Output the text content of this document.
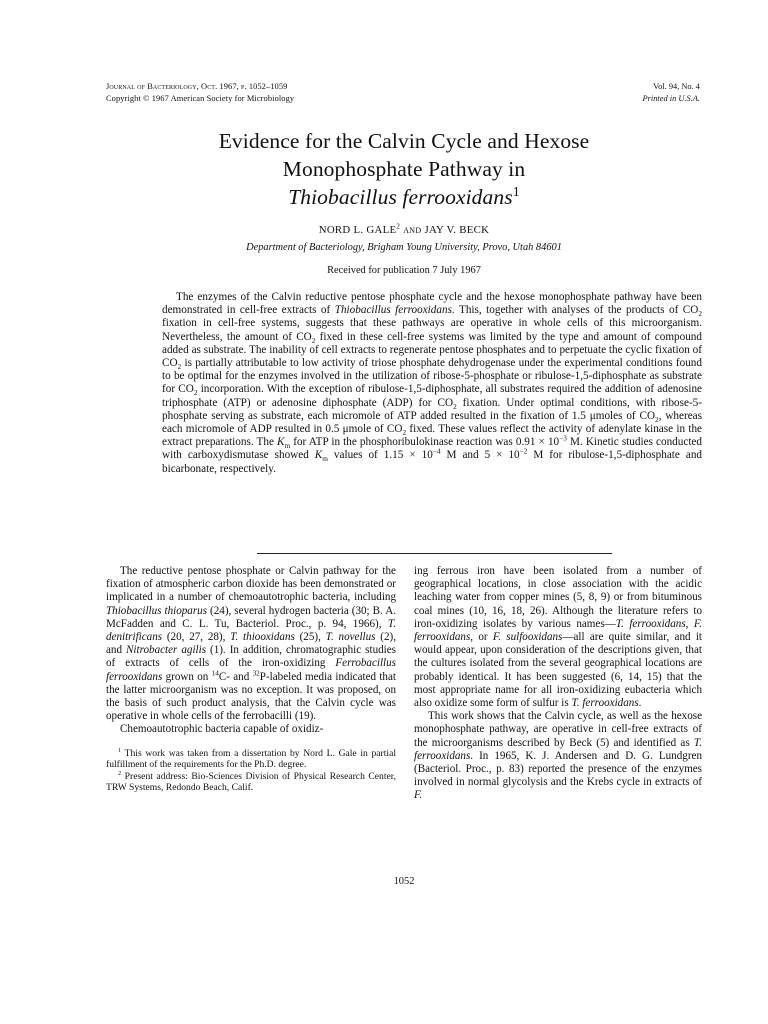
Journal of Bacteriology, Oct. 1967, p. 1052–1059
Copyright © 1967 American Society for Microbiology
Vol. 94, No. 4
Printed in U.S.A.
Evidence for the Calvin Cycle and Hexose
Monophosphate Pathway in
Thiobacillus ferrooxidans$^1$
NORD L. GALE$^2$ and JAY V. BECK
Department of Bacteriology, Brigham Young University, Provo, Utah 84601
Received for publication 7 July 1967
The enzymes of the Calvin reductive pentose phosphate cycle and the hexose monophosphate pathway have been demonstrated in cell-free extracts of Thiobacillus ferrooxidans. This, together with analyses of the products of $CO_2$ fixation in cell-free systems, suggests that these pathways are operative in whole cells of this microorganism. Nevertheless, the amount of $CO_2$ fixed in these cell-free systems was limited by the type and amount of compound added as substrate. The inability of cell extracts to regenerate pentose phosphates and to perpetuate the cyclic fixation of $CO_2$ is partially attributable to low activity of triose phosphate dehydrogenase under the experimental conditions found to be optimal for the enzymes involved in the utilization of ribose-5-phosphate or ribulose-1,5-diphosphate as substrate for $CO_2$ incorporation. With the exception of ribulose-1,5-diphosphate, all substrates required the addition of adenosine triphosphate (ATP) or adenosine diphosphate (ADP) for $CO_2$ fixation. Under optimal conditions, with ribose-5-phosphate serving as substrate, each micromole of ATP added resulted in the fixation of 1.5 μmoles of $CO_2$, whereas each micromole of ADP resulted in 0.5 μmole of $CO_2$ fixed. These values reflect the activity of adenylate kinase in the extract preparations. The $K_m$ for ATP in the phosphoribulokinase reaction was $0.91 \times 10^{-3}$ M. Kinetic studies conducted with carboxydismutase showed $K_m$ values of $1.15 \times 10^{-4}$ M and $5 \times 10^{-2}$ M for ribulose-1,5-diphosphate and bicarbonate, respectively.

The reductive pentose phosphate or Calvin pathway for the fixation of atmospheric carbon dioxide has been demonstrated or implicated in a number of chemoautotrophic bacteria, including Thiobacillus thioparus (24), several hydrogen bacteria (30; B. A. McFadden and C. L. Tu, Bacteriol. Proc., p. 94, 1966), T. denitrificans (20, 27, 28), T. thiooxidans (25), T. novellus (2), and Nitrobacter agilis (1). In addition, chromatographic studies of extracts of cells of the iron-oxidizing Ferrobacillus ferrooxidans grown on $^{14}$C- and $^{32}$P-labeled media indicated that the latter microorganism was no exception. It was proposed, on the basis of such product analysis, that the Calvin cycle was operative in whole cells of the ferrobacilli (19).

Chemoautotrophic bacteria capable of oxidiz-

$^1$ This work was taken from a dissertation by Nord L. Gale in partial fulfillment of the requirements for the Ph.D. degree.

$^2$ Present address: Bio-Sciences Division of Physical Research Center, TRW Systems, Redondo Beach, Calif.

ing ferrous iron have been isolated from a number of geographical locations, in close association with the acidic leaching water from copper mines (5, 8, 9) or from bituminous coal mines (10, 16, 18, 26). Although the literature refers to iron-oxidizing isolates by various names—T. ferrooxidans, F. ferrooxidans, or F. sulfooxidans—all are quite similar, and it would appear, upon consideration of the descriptions given, that the cultures isolated from the several geographical locations are probably identical. It has been suggested (6, 14, 15) that the most appropriate name for all iron-oxidizing eubacteria which also oxidize some form of sulfur is T. ferrooxidans.

This work shows that the Calvin cycle, as well as the hexose monophosphate pathway, are operative in cell-free extracts of the microorganisms described by Beck (5) and identified as T. ferrooxidans. In 1965, K. J. Andersen and D. G. Lundgren (Bacteriol. Proc., p. 83) reported the presence of the enzymes involved in normal glycolysis and the Krebs cycle in extracts of F.

1052
